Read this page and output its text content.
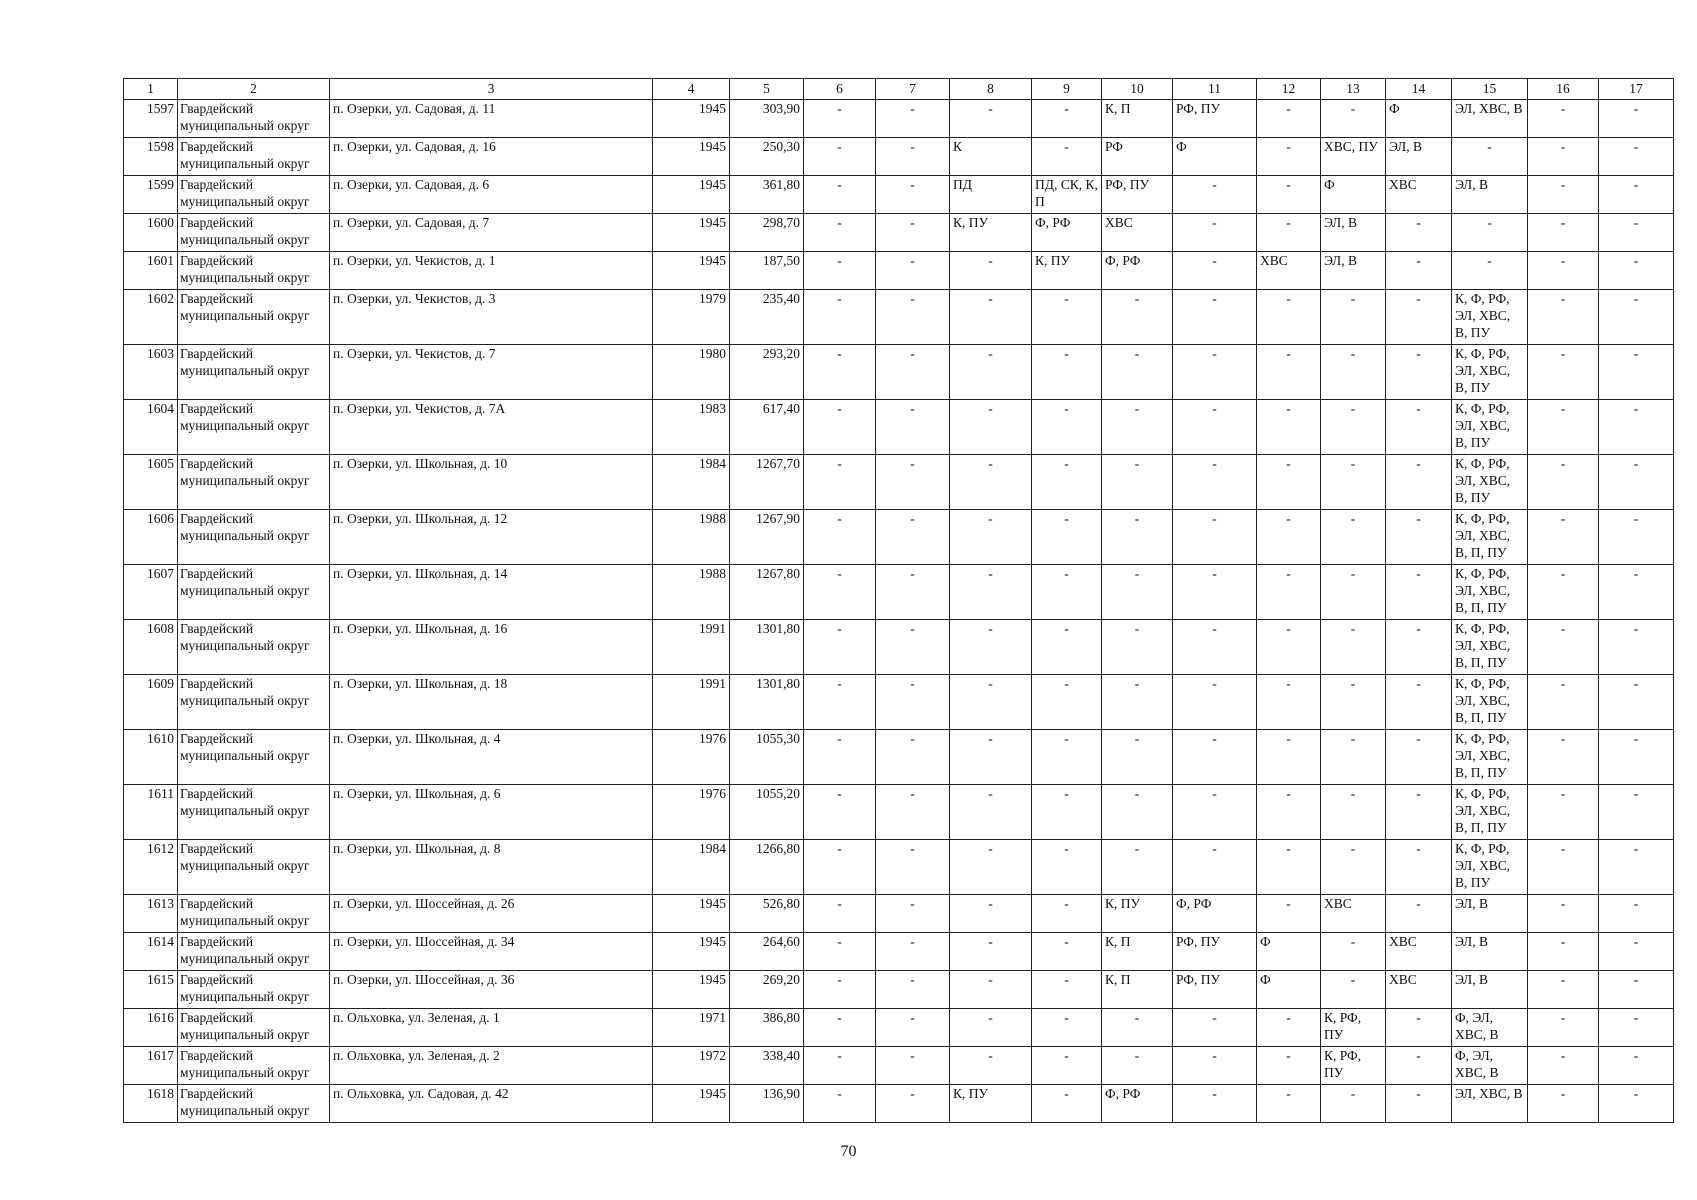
1	2	3	4	5	6	7	8	9	10	11	12	13	14	15	16	17
1597	Гвардейский муниципальный округ	п. Озерки, ул. Садовая, д. 11	1945	303,90	-	-	-	-	К, П	РФ, ПУ	-	-	Ф	ЭЛ, ХВС, В	-	-
1598	Гвардейский муниципальный округ	п. Озерки, ул. Садовая, д. 16	1945	250,30	-	-	К	-	РФ	Ф	-	ХВС, ПУ	ЭЛ, В	-	-	-
1599	Гвардейский муниципальный округ	п. Озерки, ул. Садовая, д. 6	1945	361,80	-	-	ПД	ПД, СК, К, П	РФ, ПУ	-	-	Ф	ХВС	ЭЛ, В	-	-
1600	Гвардейский муниципальный округ	п. Озерки, ул. Садовая, д. 7	1945	298,70	-	-	К, ПУ	Ф, РФ	ХВС	-	-	ЭЛ, В	-	-	-	-
1601	Гвардейский муниципальный округ	п. Озерки, ул. Чекистов, д. 1	1945	187,50	-	-	-	К, ПУ	Ф, РФ	-	ХВС	ЭЛ, В	-	-	-	-
1602	Гвардейский муниципальный округ	п. Озерки, ул. Чекистов, д. 3	1979	235,40	-	-	-	-	-	-	-	-	-	К, Ф, РФ, ЭЛ, ХВС, В, ПУ	-	-
1603	Гвардейский муниципальный округ	п. Озерки, ул. Чекистов, д. 7	1980	293,20	-	-	-	-	-	-	-	-	-	К, Ф, РФ, ЭЛ, ХВС, В, ПУ	-	-
1604	Гвардейский муниципальный округ	п. Озерки, ул. Чекистов, д. 7А	1983	617,40	-	-	-	-	-	-	-	-	-	К, Ф, РФ, ЭЛ, ХВС, В, ПУ	-	-
1605	Гвардейский муниципальный округ	п. Озерки, ул. Школьная, д. 10	1984	1267,70	-	-	-	-	-	-	-	-	-	К, Ф, РФ, ЭЛ, ХВС, В, ПУ	-	-
1606	Гвардейский муниципальный округ	п. Озерки, ул. Школьная, д. 12	1988	1267,90	-	-	-	-	-	-	-	-	-	К, Ф, РФ, ЭЛ, ХВС, В, П, ПУ	-	-
1607	Гвардейский муниципальный округ	п. Озерки, ул. Школьная, д. 14	1988	1267,80	-	-	-	-	-	-	-	-	-	К, Ф, РФ, ЭЛ, ХВС, В, П, ПУ	-	-
1608	Гвардейский муниципальный округ	п. Озерки, ул. Школьная, д. 16	1991	1301,80	-	-	-	-	-	-	-	-	-	К, Ф, РФ, ЭЛ, ХВС, В, П, ПУ	-	-
1609	Гвардейский муниципальный округ	п. Озерки, ул. Школьная, д. 18	1991	1301,80	-	-	-	-	-	-	-	-	-	К, Ф, РФ, ЭЛ, ХВС, В, П, ПУ	-	-
1610	Гвардейский муниципальный округ	п. Озерки, ул. Школьная, д. 4	1976	1055,30	-	-	-	-	-	-	-	-	-	К, Ф, РФ, ЭЛ, ХВС, В, П, ПУ	-	-
1611	Гвардейский муниципальный округ	п. Озерки, ул. Школьная, д. 6	1976	1055,20	-	-	-	-	-	-	-	-	-	К, Ф, РФ, ЭЛ, ХВС, В, П, ПУ	-	-
1612	Гвардейский муниципальный округ	п. Озерки, ул. Школьная, д. 8	1984	1266,80	-	-	-	-	-	-	-	-	-	К, Ф, РФ, ЭЛ, ХВС, В, ПУ	-	-
1613	Гвардейский муниципальный округ	п. Озерки, ул. Шоссейная, д. 26	1945	526,80	-	-	-	-	К, ПУ	Ф, РФ	-	ХВС	-	ЭЛ, В	-	-
1614	Гвардейский муниципальный округ	п. Озерки, ул. Шоссейная, д. 34	1945	264,60	-	-	-	-	К, П	РФ, ПУ	Ф	-	ХВС	ЭЛ, В	-	-
1615	Гвардейский муниципальный округ	п. Озерки, ул. Шоссейная, д. 36	1945	269,20	-	-	-	-	К, П	РФ, ПУ	Ф	-	ХВС	ЭЛ, В	-	-
1616	Гвардейский муниципальный округ	п. Ольховка, ул. Зеленая, д. 1	1971	386,80	-	-	-	-	-	-	-	К, РФ, ПУ	-	Ф, ЭЛ, ХВС, В	-	-
1617	Гвардейский муниципальный округ	п. Ольховка, ул. Зеленая, д. 2	1972	338,40	-	-	-	-	-	-	-	К, РФ, ПУ	-	Ф, ЭЛ, ХВС, В	-	-
1618	Гвардейский муниципальный округ	п. Ольховка, ул. Садовая, д. 42	1945	136,90	-	-	К, ПУ	-	Ф, РФ	-	-	-	-	ЭЛ, ХВС, В	-	-
70
